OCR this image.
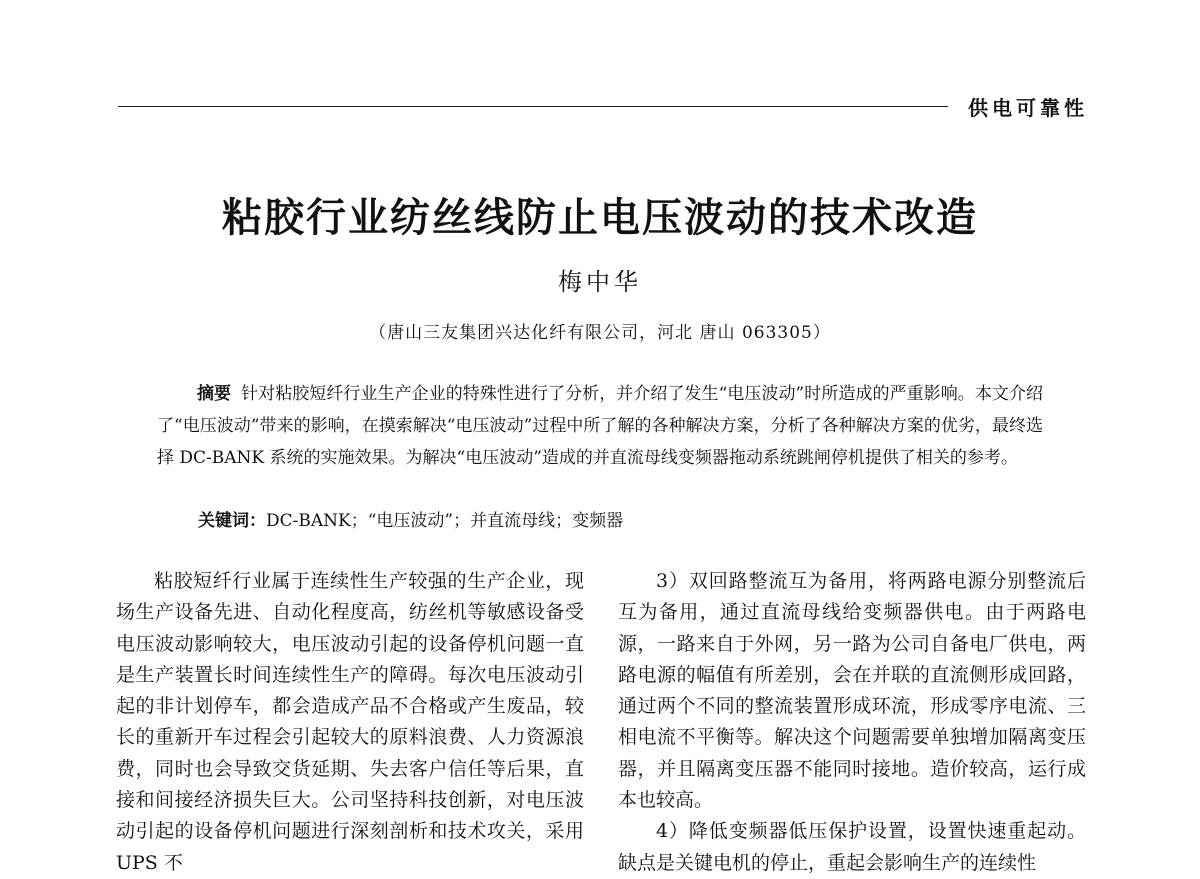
供电可靠性
粘胶行业纺丝线防止电压波动的技术改造
梅中华
（唐山三友集团兴达化纤有限公司，河北 唐山 063305）
摘要 针对粘胶短纤行业生产企业的特殊性进行了分析，并介绍了发生“电压波动”时所造成的严重影响。本文介绍了“电压波动”带来的影响，在摸索解决“电压波动”过程中所了解的各种解决方案，分析了各种解决方案的优劣，最终选择 DC-BANK 系统的实施效果。为解决“电压波动”造成的并直流母线变频器拖动系统跳闸停机提供了相关的参考。
关键词：DC-BANK；“电压波动”；并直流母线；变频器

粘胶短纤行业属于连续性生产较强的生产企业，现场生产设备先进、自动化程度高，纺丝机等敏感设备受电压波动影响较大，电压波动引起的设备停机问题一直是生产装置长时间连续性生产的障碍。每次电压波动引起的非计划停车，都会造成产品不合格或产生废品，较长的重新开车过程会引起较大的原料浪费、人力资源浪费，同时也会导致交货延期、失去客户信任等后果，直接和间接经济损失巨大。公司坚持科技创新，对电压波动引起的设备停机问题进行深刻剖析和技术攻关，采用 UPS 不

3）双回路整流互为备用，将两路电源分别整流后互为备用，通过直流母线给变频器供电。由于两路电源，一路来自于外网，另一路为公司自备电厂供电，两路电源的幅值有所差别，会在并联的直流侧形成回路，通过两个不同的整流装置形成环流，形成零序电流、三相电流不平衡等。解决这个问题需要单独增加隔离变压器，并且隔离变压器不能同时接地。造价较高，运行成本也较高。

4）降低变频器低压保护设置，设置快速重起动。缺点是关键电机的停止，重起会影响生产的连续性
